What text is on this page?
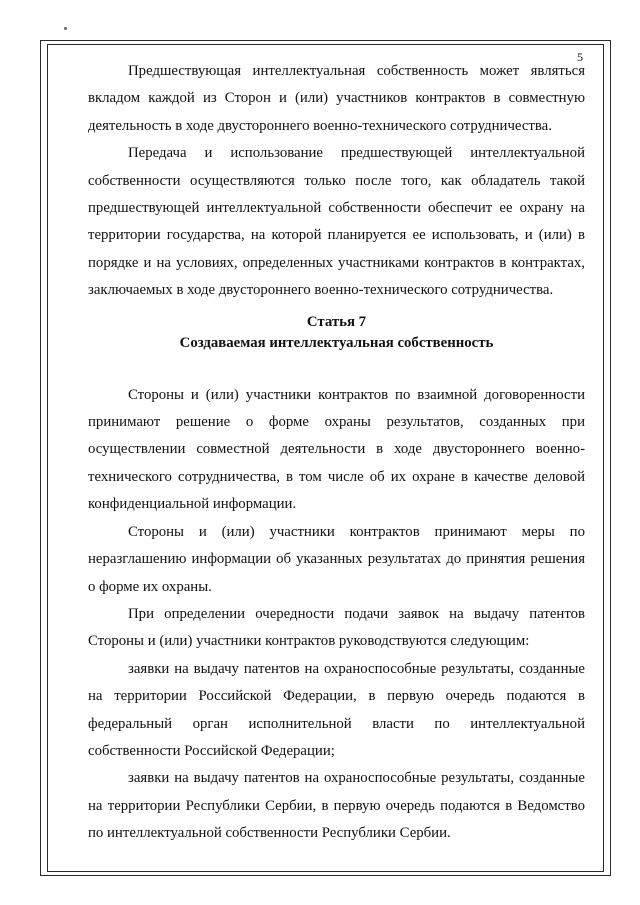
5

Предшествующая интеллектуальная собственность может являться вкладом каждой из Сторон и (или) участников контрактов в совместную деятельность в ходе двустороннего военно-технического сотрудничества.

Передача и использование предшествующей интеллектуальной собственности осуществляются только после того, как обладатель такой предшествующей интеллектуальной собственности обеспечит ее охрану на территории государства, на которой планируется ее использовать, и (или) в порядке и на условиях, определенных участниками контрактов в контрактах, заключаемых в ходе двустороннего военно-технического сотрудничества.

Статья 7

Создаваемая интеллектуальная собственность

Стороны и (или) участники контрактов по взаимной договоренности принимают решение о форме охраны результатов, созданных при осуществлении совместной деятельности в ходе двустороннего военно-технического сотрудничества, в том числе об их охране в качестве деловой конфиденциальной информации.

Стороны и (или) участники контрактов принимают меры по неразглашению информации об указанных результатах до принятия решения о форме их охраны.

При определении очередности подачи заявок на выдачу патентов Стороны и (или) участники контрактов руководствуются следующим:

заявки на выдачу патентов на охраноспособные результаты, созданные на территории Российской Федерации, в первую очередь подаются в федеральный орган исполнительной власти по интеллектуальной собственности Российской Федерации;

заявки на выдачу патентов на охраноспособные результаты, созданные на территории Республики Сербии, в первую очередь подаются в Ведомство по интеллектуальной собственности Республики Сербии.
